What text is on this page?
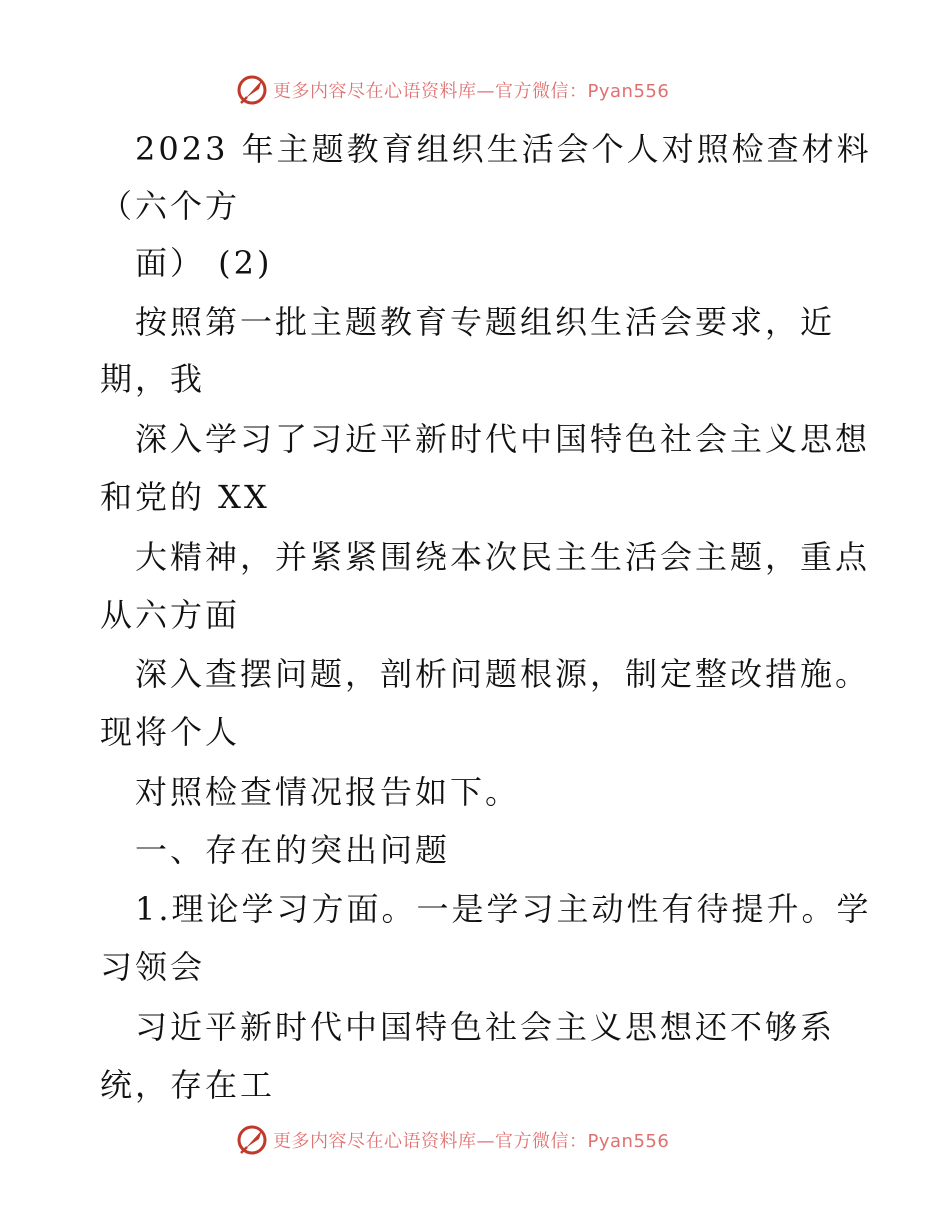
更多内容尽在心语资料库—官方微信：Pyan556
2023 年主题教育组织生活会个人对照检查材料
（六个方
面） (2)
按照第一批主题教育专题组织生活会要求，近
期，我
深入学习了习近平新时代中国特色社会主义思想
和党的 XX
大精神，并紧紧围绕本次民主生活会主题，重点
从六方面
深入查摆问题，剖析问题根源，制定整改措施。
现将个人
对照检查情况报告如下。
一、存在的突出问题
1.理论学习方面。一是学习主动性有待提升。学
习领会
习近平新时代中国特色社会主义思想还不够系
统，存在工
更多内容尽在心语资料库—官方微信：Pyan556
